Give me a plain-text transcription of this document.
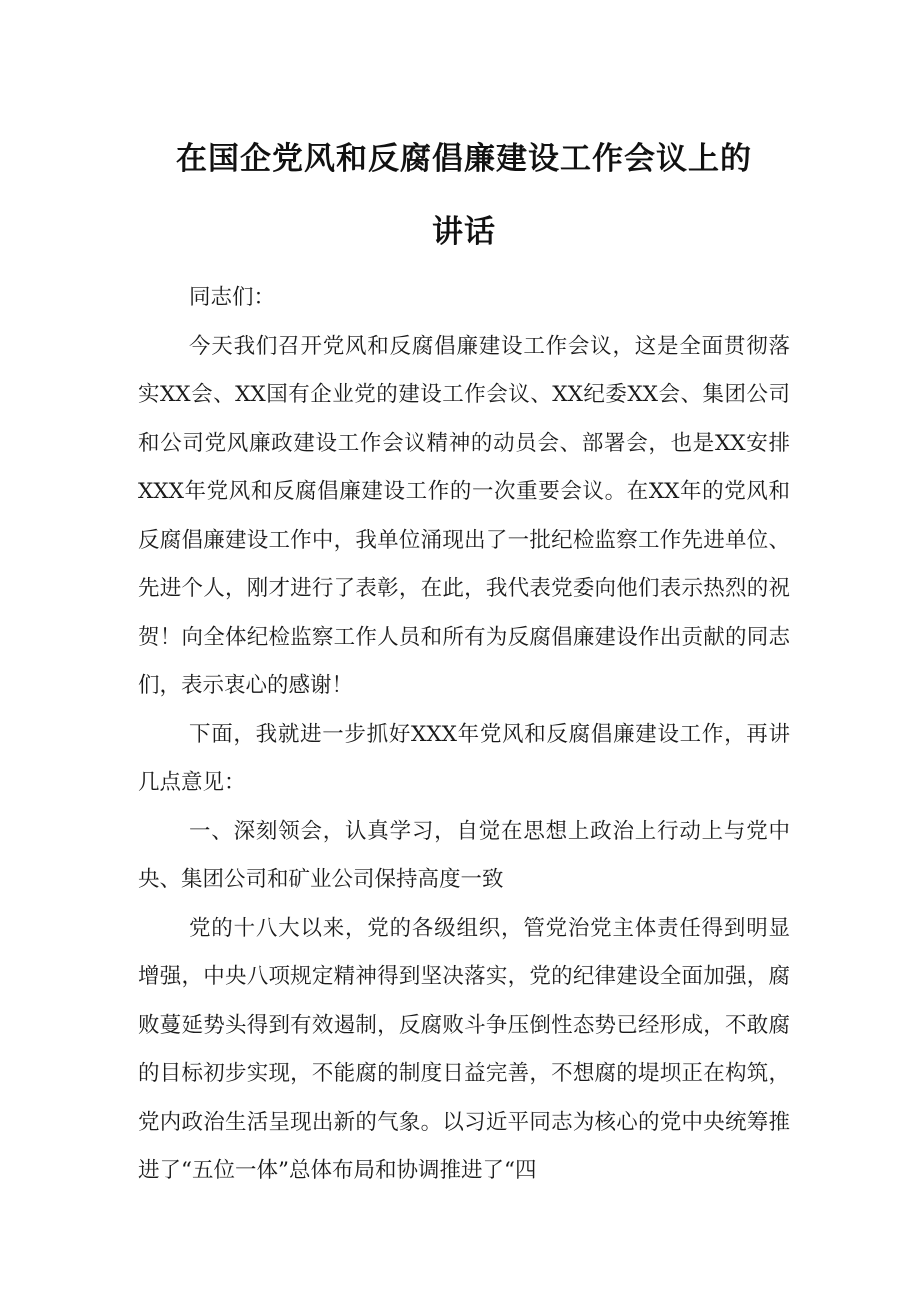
在国企党风和反腐倡廉建设工作会议上的
讲话

同志们：

今天我们召开党风和反腐倡廉建设工作会议，这是全面贯彻落实XX会、XX国有企业党的建设工作会议、XX纪委XX会、集团公司和公司党风廉政建设工作会议精神的动员会、部署会，也是XX安排XXX年党风和反腐倡廉建设工作的一次重要会议。在XX年的党风和反腐倡廉建设工作中，我单位涌现出了一批纪检监察工作先进单位、先进个人，刚才进行了表彰，在此，我代表党委向他们表示热烈的祝贺！向全体纪检监察工作人员和所有为反腐倡廉建设作出贡献的同志们，表示衷心的感谢！

下面，我就进一步抓好XXX年党风和反腐倡廉建设工作，再讲几点意见：

一、深刻领会，认真学习，自觉在思想上政治上行动上与党中央、集团公司和矿业公司保持高度一致

党的十八大以来，党的各级组织，管党治党主体责任得到明显增强，中央八项规定精神得到坚决落实，党的纪律建设全面加强，腐败蔓延势头得到有效遏制，反腐败斗争压倒性态势已经形成，不敢腐的目标初步实现，不能腐的制度日益完善，不想腐的堤坝正在构筑，党内政治生活呈现出新的气象。以习近平同志为核心的党中央统筹推进了“五位一体”总体布局和协调推进了“四
